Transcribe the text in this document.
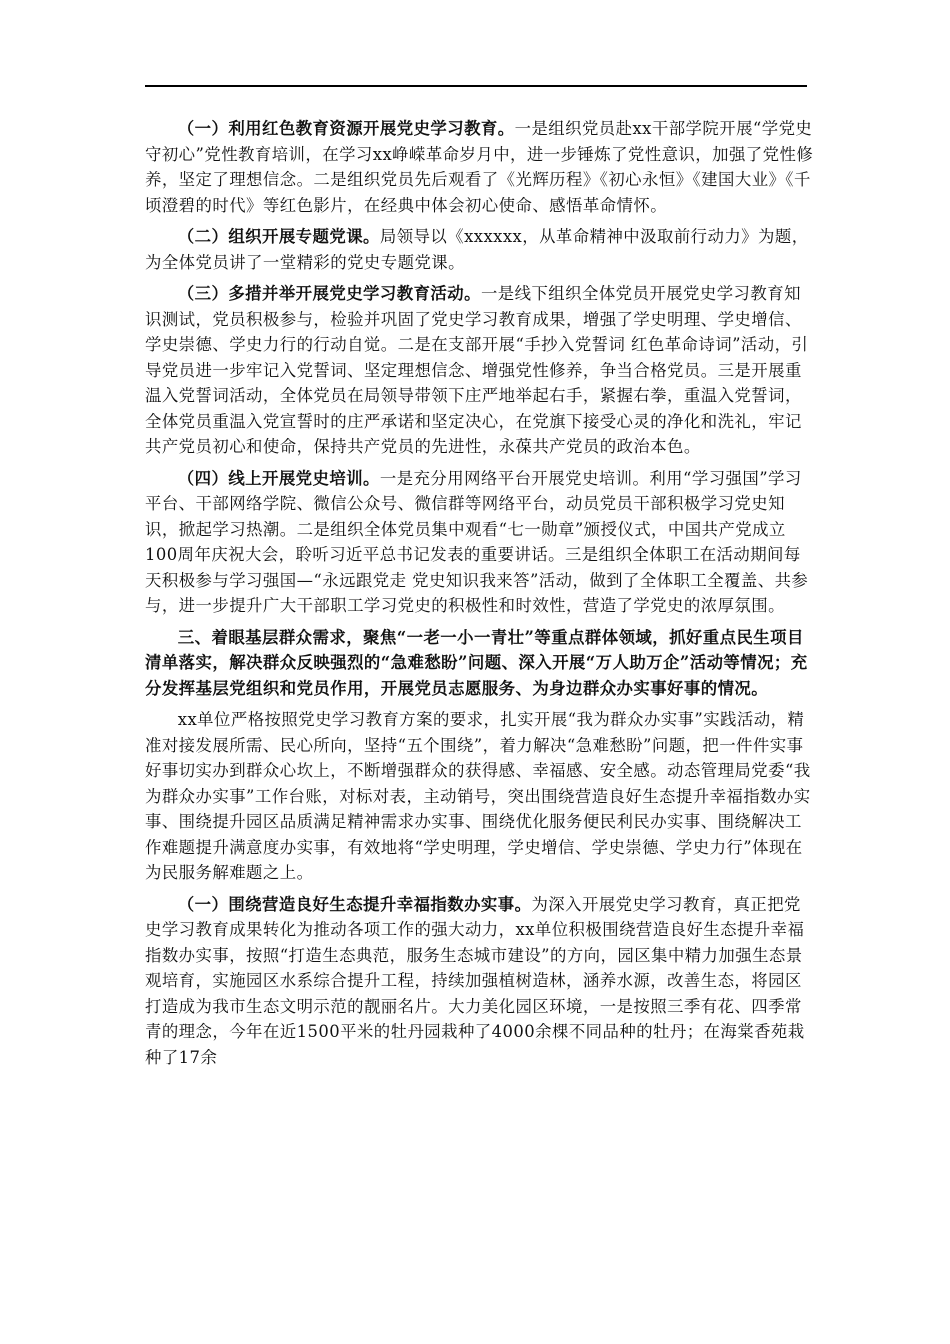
（一）利用红色教育资源开展党史学习教育。一是组织党员赴xx干部学院开展“学党史 守初心”党性教育培训，在学习xx峥嵘革命岁月中，进一步锤炼了党性意识，加强了党性修养，坚定了理想信念。二是组织党员先后观看了《光辉历程》《初心永恒》《建国大业》《千顷澄碧的时代》等红色影片，在经典中体会初心使命、感悟革命情怀。

（二）组织开展专题党课。局领导以《xxxxxx，从革命精神中汲取前行动力》为题，为全体党员讲了一堂精彩的党史专题党课。

（三）多措并举开展党史学习教育活动。一是线下组织全体党员开展党史学习教育知识测试，党员积极参与，检验并巩固了党史学习教育成果，增强了学史明理、学史增信、学史崇德、学史力行的行动自觉。二是在支部开展“手抄入党誓词 红色革命诗词”活动，引导党员进一步牢记入党誓词、坚定理想信念、增强党性修养，争当合格党员。三是开展重温入党誓词活动，全体党员在局领导带领下庄严地举起右手，紧握右拳，重温入党誓词，全体党员重温入党宣誓时的庄严承诺和坚定决心，在党旗下接受心灵的净化和洗礼，牢记共产党员初心和使命，保持共产党员的先进性，永葆共产党员的政治本色。

（四）线上开展党史培训。一是充分用网络平台开展党史培训。利用“学习强国”学习平台、干部网络学院、微信公众号、微信群等网络平台，动员党员干部积极学习党史知识，掀起学习热潮。二是组织全体党员集中观看“七一勋章”颁授仪式，中国共产党成立100周年庆祝大会，聆听习近平总书记发表的重要讲话。三是组织全体职工在活动期间每天积极参与学习强国—“永远跟党走 党史知识我来答”活动，做到了全体职工全覆盖、共参与，进一步提升广大干部职工学习党史的积极性和时效性，营造了学党史的浓厚氛围。

三、着眼基层群众需求，聚焦“一老一小一青壮”等重点群体领域，抓好重点民生项目清单落实，解决群众反映强烈的“急难愁盼”问题、深入开展“万人助万企”活动等情况；充分发挥基层党组织和党员作用，开展党员志愿服务、为身边群众办实事好事的情况。

xx单位严格按照党史学习教育方案的要求，扎实开展“我为群众办实事”实践活动，精准对接发展所需、民心所向，坚持“五个围绕”，着力解决“急难愁盼”问题，把一件件实事好事切实办到群众心坎上，不断增强群众的获得感、幸福感、安全感。动态管理局党委“我为群众办实事”工作台账，对标对表，主动销号，突出围绕营造良好生态提升幸福指数办实事、围绕提升园区品质满足精神需求办实事、围绕优化服务便民利民办实事、围绕解决工作难题提升满意度办实事，有效地将“学史明理，学史增信、学史崇德、学史力行”体现在为民服务解难题之上。

（一）围绕营造良好生态提升幸福指数办实事。为深入开展党史学习教育，真正把党史学习教育成果转化为推动各项工作的强大动力，xx单位积极围绕营造良好生态提升幸福指数办实事，按照“打造生态典范，服务生态城市建设”的方向，园区集中精力加强生态景观培育，实施园区水系综合提升工程，持续加强植树造林，涵养水源，改善生态，将园区打造成为我市生态文明示范的靓丽名片。大力美化园区环境，一是按照三季有花、四季常青的理念，今年在近1500平米的牡丹园栽种了4000余棵不同品种的牡丹；在海棠香苑栽种了17余
